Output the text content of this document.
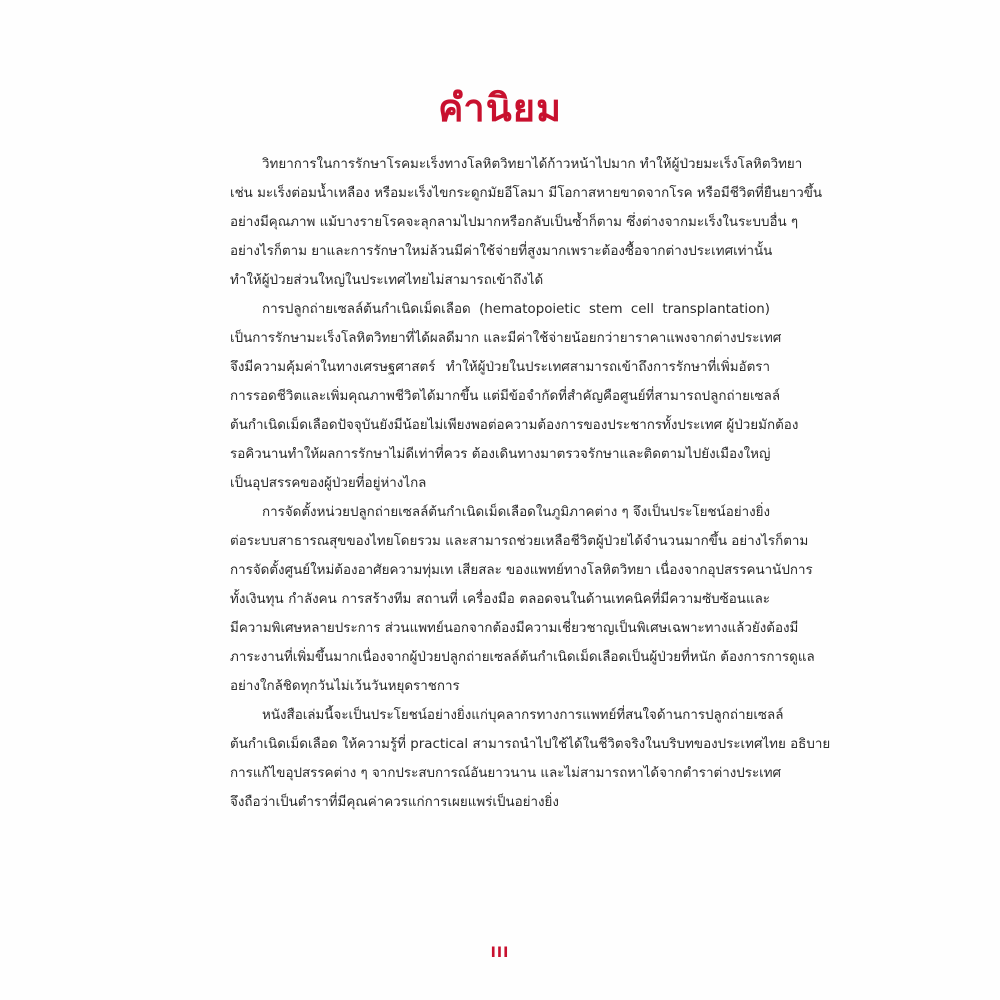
คำนิยม

วิทยาการในการรักษาโรคมะเร็งทางโลหิตวิทยาได้ก้าวหน้าไปมาก ทำให้ผู้ป่วยมะเร็งโลหิตวิทยา
เช่น มะเร็งต่อมน้ำเหลือง หรือมะเร็งไขกระดูกมัยอีโลมา มีโอกาสหายขาดจากโรค หรือมีชีวิตที่ยืนยาวขึ้น
อย่างมีคุณภาพ แม้บางรายโรคจะลุกลามไปมากหรือกลับเป็นซ้ำก็ตาม ซึ่งต่างจากมะเร็งในระบบอื่น ๆ
อย่างไรก็ตาม ยาและการรักษาใหม่ล้วนมีค่าใช้จ่ายที่สูงมากเพราะต้องซื้อจากต่างประเทศเท่านั้น
ทำให้ผู้ป่วยส่วนใหญ่ในประเทศไทยไม่สามารถเข้าถึงได้

การปลูกถ่ายเซลล์ต้นกำเนิดเม็ดเลือด (hematopoietic stem cell transplantation)
เป็นการรักษามะเร็งโลหิตวิทยาที่ได้ผลดีมาก และมีค่าใช้จ่ายน้อยกว่ายาราคาแพงจากต่างประเทศ
จึงมีความคุ้มค่าในทางเศรษฐศาสตร์ ทำให้ผู้ป่วยในประเทศสามารถเข้าถึงการรักษาที่เพิ่มอัตรา
การรอดชีวิตและเพิ่มคุณภาพชีวิตได้มากขึ้น แต่มีข้อจำกัดที่สำคัญคือศูนย์ที่สามารถปลูกถ่ายเซลล์
ต้นกำเนิดเม็ดเลือดปัจจุบันยังมีน้อยไม่เพียงพอต่อความต้องการของประชากรทั้งประเทศ ผู้ป่วยมักต้อง
รอคิวนานทำให้ผลการรักษาไม่ดีเท่าที่ควร ต้องเดินทางมาตรวจรักษาและติดตามไปยังเมืองใหญ่
เป็นอุปสรรคของผู้ป่วยที่อยู่ห่างไกล

การจัดตั้งหน่วยปลูกถ่ายเซลล์ต้นกำเนิดเม็ดเลือดในภูมิภาคต่าง ๆ จึงเป็นประโยชน์อย่างยิ่ง
ต่อระบบสาธารณสุขของไทยโดยรวม และสามารถช่วยเหลือชีวิตผู้ป่วยได้จำนวนมากขึ้น อย่างไรก็ตาม
การจัดตั้งศูนย์ใหม่ต้องอาศัยความทุ่มเท เสียสละ ของแพทย์ทางโลหิตวิทยา เนื่องจากอุปสรรคนานัปการ
ทั้งเงินทุน กำลังคน การสร้างทีม สถานที่ เครื่องมือ ตลอดจนในด้านเทคนิคที่มีความซับซ้อนและ
มีความพิเศษหลายประการ ส่วนแพทย์นอกจากต้องมีความเชี่ยวชาญเป็นพิเศษเฉพาะทางแล้วยังต้องมี
ภาระงานที่เพิ่มขึ้นมากเนื่องจากผู้ป่วยปลูกถ่ายเซลล์ต้นกำเนิดเม็ดเลือดเป็นผู้ป่วยที่หนัก ต้องการการดูแล
อย่างใกล้ชิดทุกวันไม่เว้นวันหยุดราชการ

หนังสือเล่มนี้จะเป็นประโยชน์อย่างยิ่งแก่บุคลากรทางการแพทย์ที่สนใจด้านการปลูกถ่ายเซลล์
ต้นกำเนิดเม็ดเลือด ให้ความรู้ที่ practical สามารถนำไปใช้ได้ในชีวิตจริงในบริบทของประเทศไทย อธิบาย
การแก้ไขอุปสรรคต่าง ๆ จากประสบการณ์อันยาวนาน และไม่สามารถหาได้จากตำราต่างประเทศ
จึงถือว่าเป็นตำราที่มีคุณค่าควรแก่การเผยแพร่เป็นอย่างยิ่ง

III
